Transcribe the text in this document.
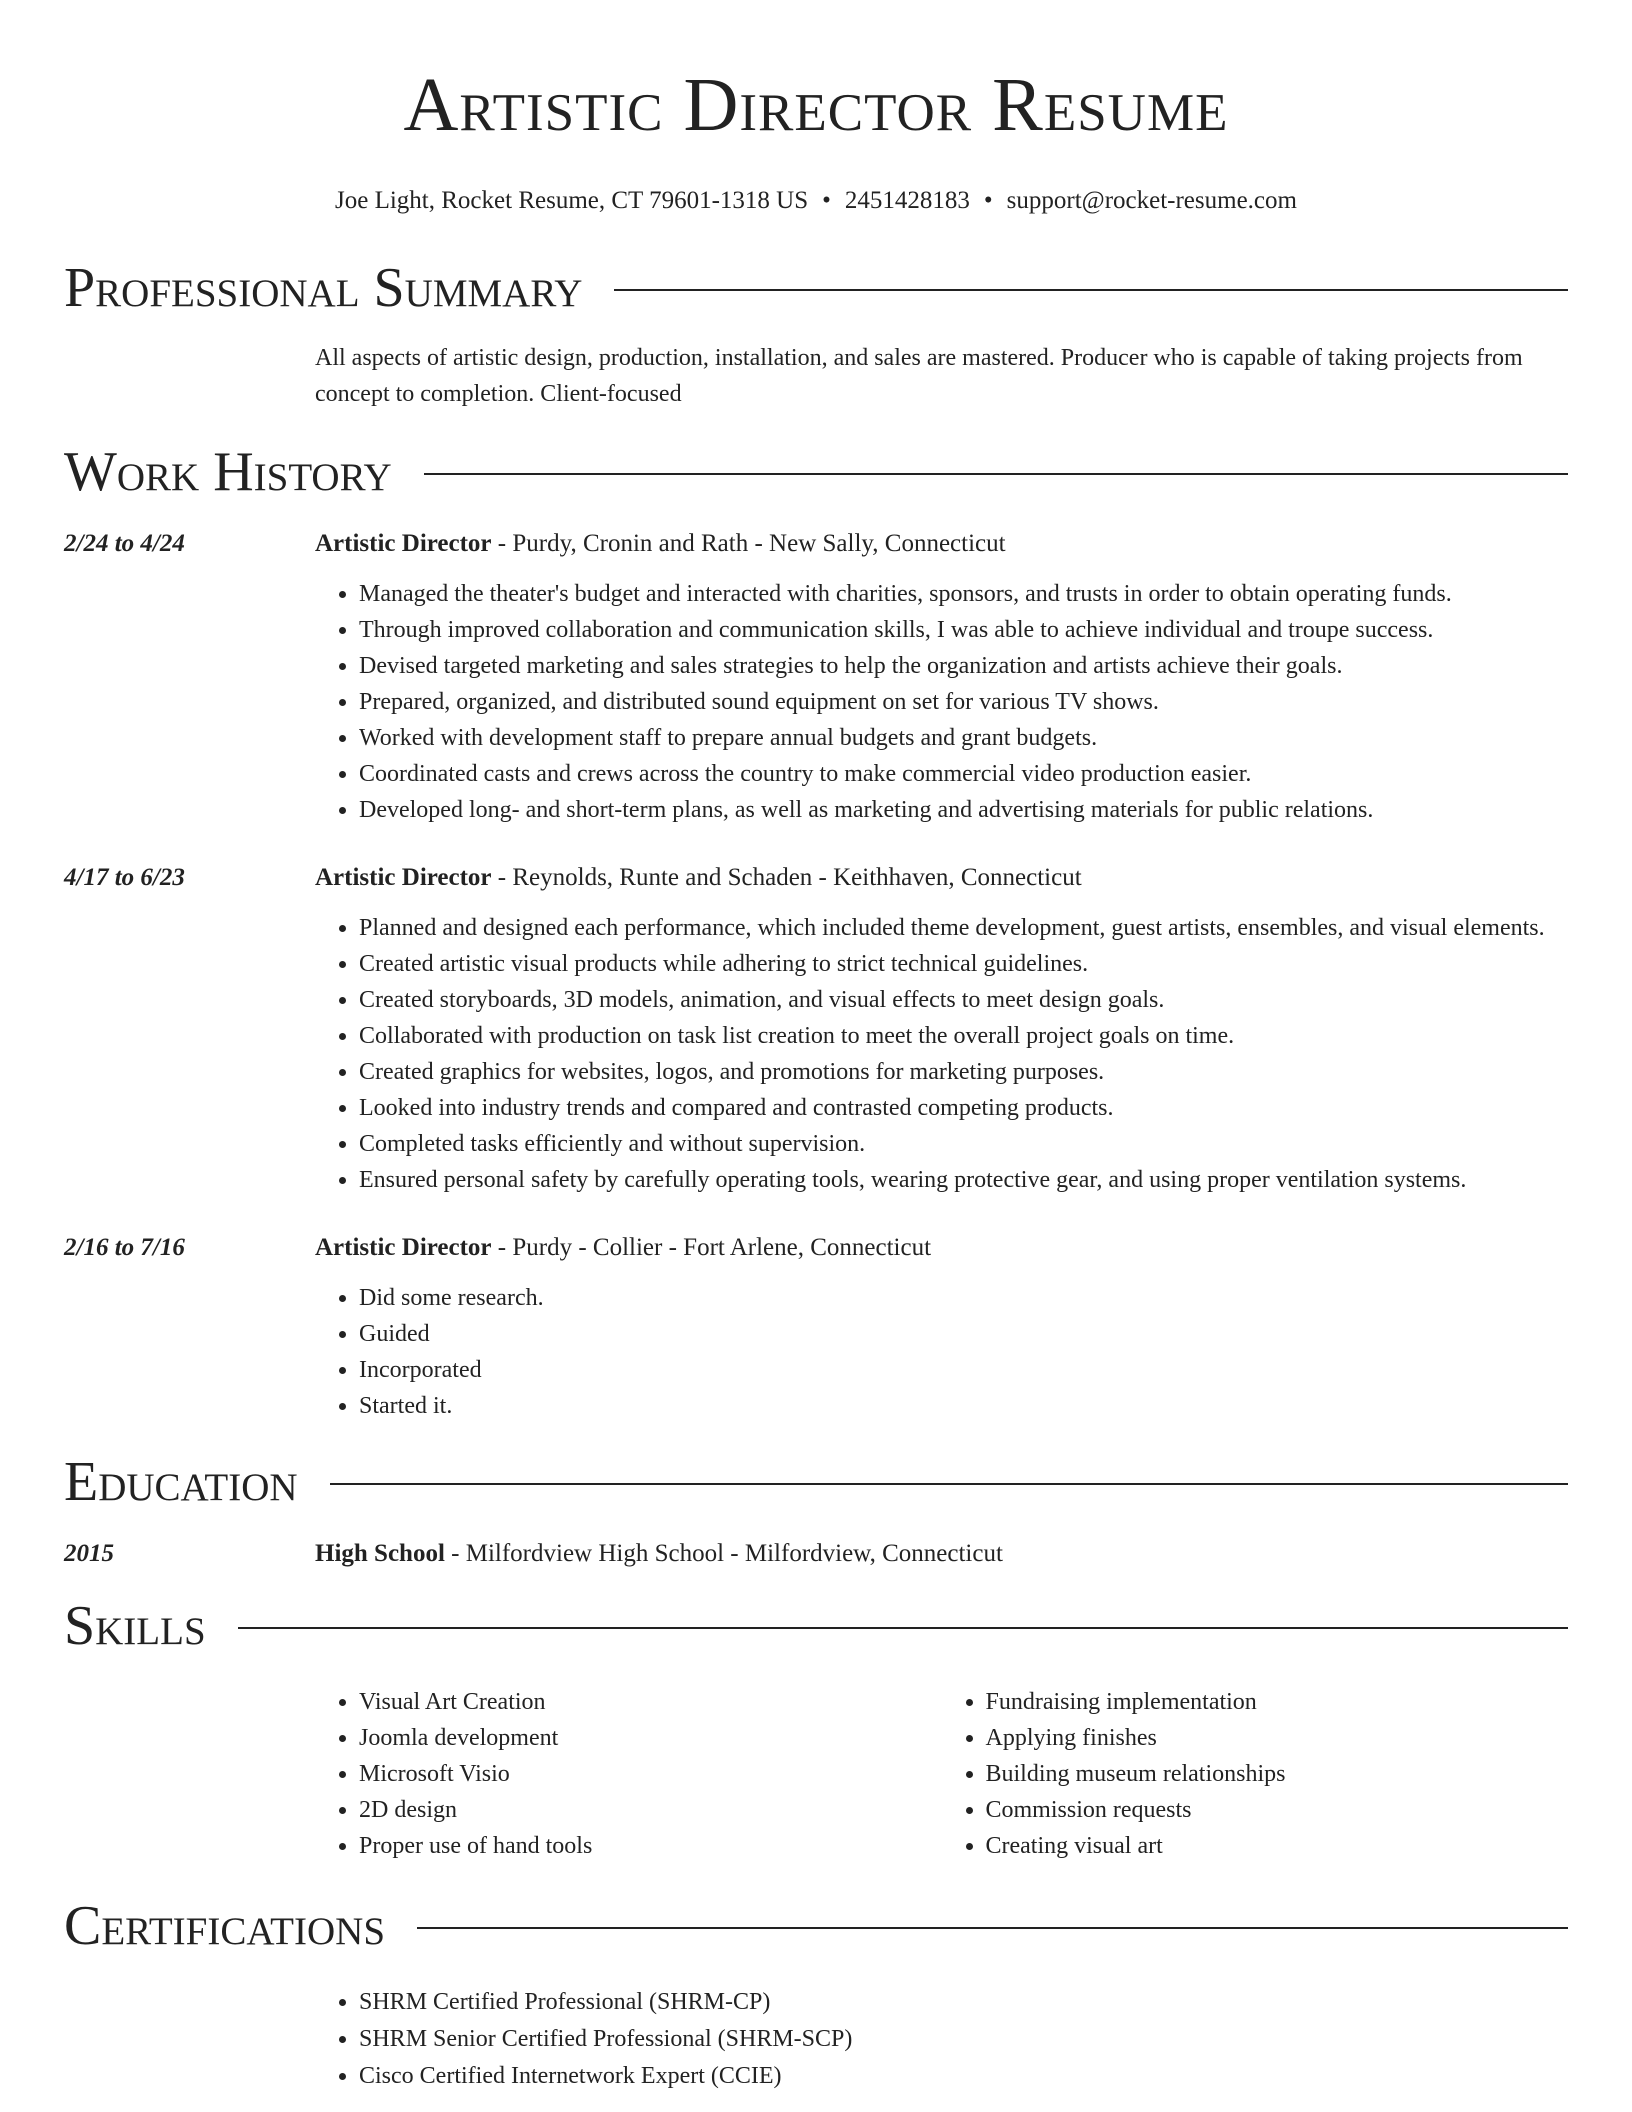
Artistic Director Resume
Joe Light, Rocket Resume, CT 79601-1318 US • 2451428183 • support@rocket-resume.com
Professional Summary
All aspects of artistic design, production, installation, and sales are mastered. Producer who is capable of taking projects from concept to completion. Client-focused
Work History
2/24 to 4/24	Artistic Director - Purdy, Cronin and Rath - New Sally, Connecticut
• Managed the theater's budget and interacted with charities, sponsors, and trusts in order to obtain operating funds.
• Through improved collaboration and communication skills, I was able to achieve individual and troupe success.
• Devised targeted marketing and sales strategies to help the organization and artists achieve their goals.
• Prepared, organized, and distributed sound equipment on set for various TV shows.
• Worked with development staff to prepare annual budgets and grant budgets.
• Coordinated casts and crews across the country to make commercial video production easier.
• Developed long- and short-term plans, as well as marketing and advertising materials for public relations.
4/17 to 6/23	Artistic Director - Reynolds, Runte and Schaden - Keithhaven, Connecticut
• Planned and designed each performance, which included theme development, guest artists, ensembles, and visual elements.
• Created artistic visual products while adhering to strict technical guidelines.
• Created storyboards, 3D models, animation, and visual effects to meet design goals.
• Collaborated with production on task list creation to meet the overall project goals on time.
• Created graphics for websites, logos, and promotions for marketing purposes.
• Looked into industry trends and compared and contrasted competing products.
• Completed tasks efficiently and without supervision.
• Ensured personal safety by carefully operating tools, wearing protective gear, and using proper ventilation systems.
2/16 to 7/16	Artistic Director - Purdy - Collier - Fort Arlene, Connecticut
• Did some research.
• Guided
• Incorporated
• Started it.
Education
2015	High School - Milfordview High School - Milfordview, Connecticut
Skills
• Visual Art Creation
• Joomla development
• Microsoft Visio
• 2D design
• Proper use of hand tools
• Fundraising implementation
• Applying finishes
• Building museum relationships
• Commission requests
• Creating visual art
Certifications
• SHRM Certified Professional (SHRM-CP)
• SHRM Senior Certified Professional (SHRM-SCP)
• Cisco Certified Internetwork Expert (CCIE)
